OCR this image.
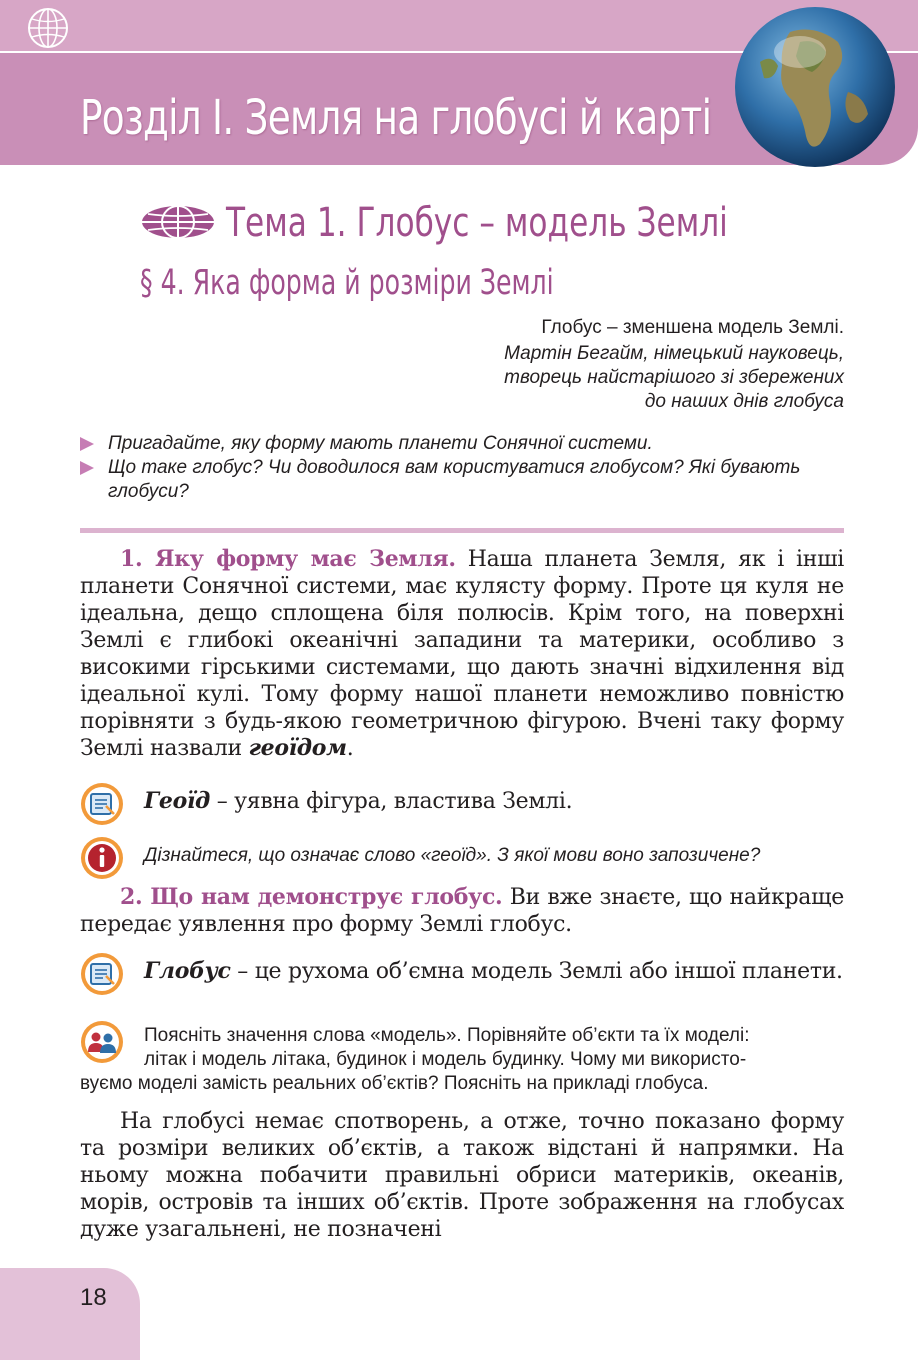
Розділ І. Земля на глобусі й карті
Тема 1. Глобус – модель Землі
§ 4. Яка форма й розміри Землі
Глобус – зменшена модель Землі.
Мартін Бегайм, німецький науковець,
творець найстарішого зі збережених
до наших днів глобуса
Пригадайте, яку форму мають планети Сонячної системи.
Що таке глобус? Чи доводилося вам користуватися глобусом? Які бувають глобуси?
1. Яку форму має Земля. Наша планета Земля, як і інші планети Сонячної системи, має кулясту форму. Проте ця куля не ідеальна, дещо сплощена біля полюсів. Крім того, на поверхні Землі є глибокі океанічні западини та материки, особливо з високими гірськими системами, що дають значні відхилення від ідеальної кулі. Тому форму нашої планети неможливо повністю порівняти з будь-якою геометричною фігурою. Вчені таку форму Землі назвали геоїдом.
Геоїд – уявна фігура, властива Землі.
Дізнайтеся, що означає слово «геоїд». З якої мови воно запозичене?
2. Що нам демонструє глобус. Ви вже знаєте, що найкраще передає уявлення про форму Землі глобус.
Глобус – це рухома об’ємна модель Землі або іншої планети.
Поясніть значення слова «модель». Порівняйте об’єкти та їх моделі:
літак і модель літака, будинок і модель будинку. Чому ми використо-
вуємо моделі замість реальних об’єктів? Поясніть на прикладі глобуса.
На глобусі немає спотворень, а отже, точно показано форму та розміри великих об’єктів, а також відстані й напрямки. На ньому можна побачити правильні обриси материків, океанів, морів, островів та інших об’єктів. Проте зображення на глобусах дуже узагальнені, не позначені
18
